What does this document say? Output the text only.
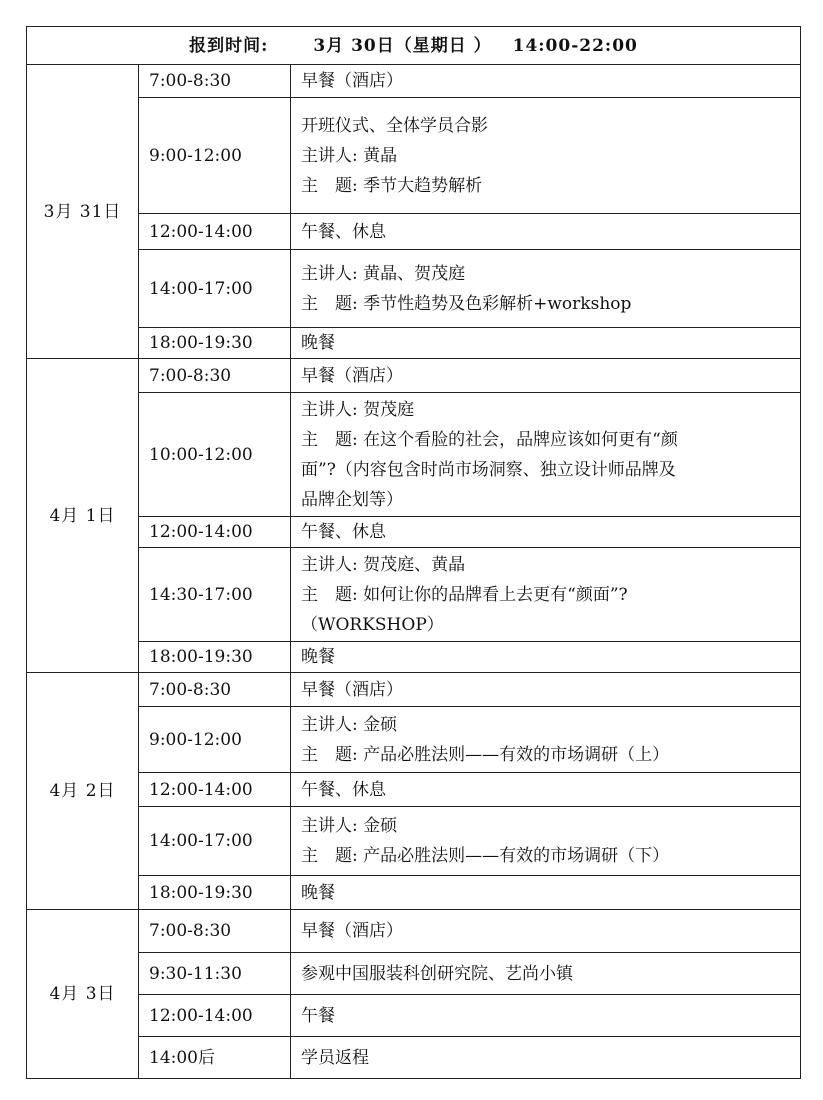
报到时间: 3月 30日（星期日 ） 14:00-22:00		
3月 31日	7:00-8:30	早餐（酒店）

	9:00-12:00	开班仪式、全体学员合影
主讲人: 黄晶
主　题: 季节大趋势解析

	12:00-14:00	午餐、休息

	14:00-17:00	主讲人: 黄晶、贺茂庭
主　题: 季节性趋势及色彩解析+workshop

	18:00-19:30	晚餐

4月 1日	7:00-8:30	早餐（酒店）

	10:00-12:00	主讲人: 贺茂庭
主　题: 在这个看脸的社会，品牌应该如何更有“颜
面”?（内容包含时尚市场洞察、独立设计师品牌及
品牌企划等）

	12:00-14:00	午餐、休息

	14:30-17:00	主讲人: 贺茂庭、黄晶
主　题: 如何让你的品牌看上去更有“颜面”?
（WORKSHOP）

	18:00-19:30	晚餐

4月 2日	7:00-8:30	早餐（酒店）

	9:00-12:00	主讲人: 金硕
主　题: 产品必胜法则——有效的市场调研（上）

	12:00-14:00	午餐、休息

	14:00-17:00	主讲人: 金硕
主　题: 产品必胜法则——有效的市场调研（下）

	18:00-19:30	晚餐

4月 3日	7:00-8:30	早餐（酒店）

	9:30-11:30	参观中国服装科创研究院、艺尚小镇

	12:00-14:00	午餐

	14:00后	学员返程
